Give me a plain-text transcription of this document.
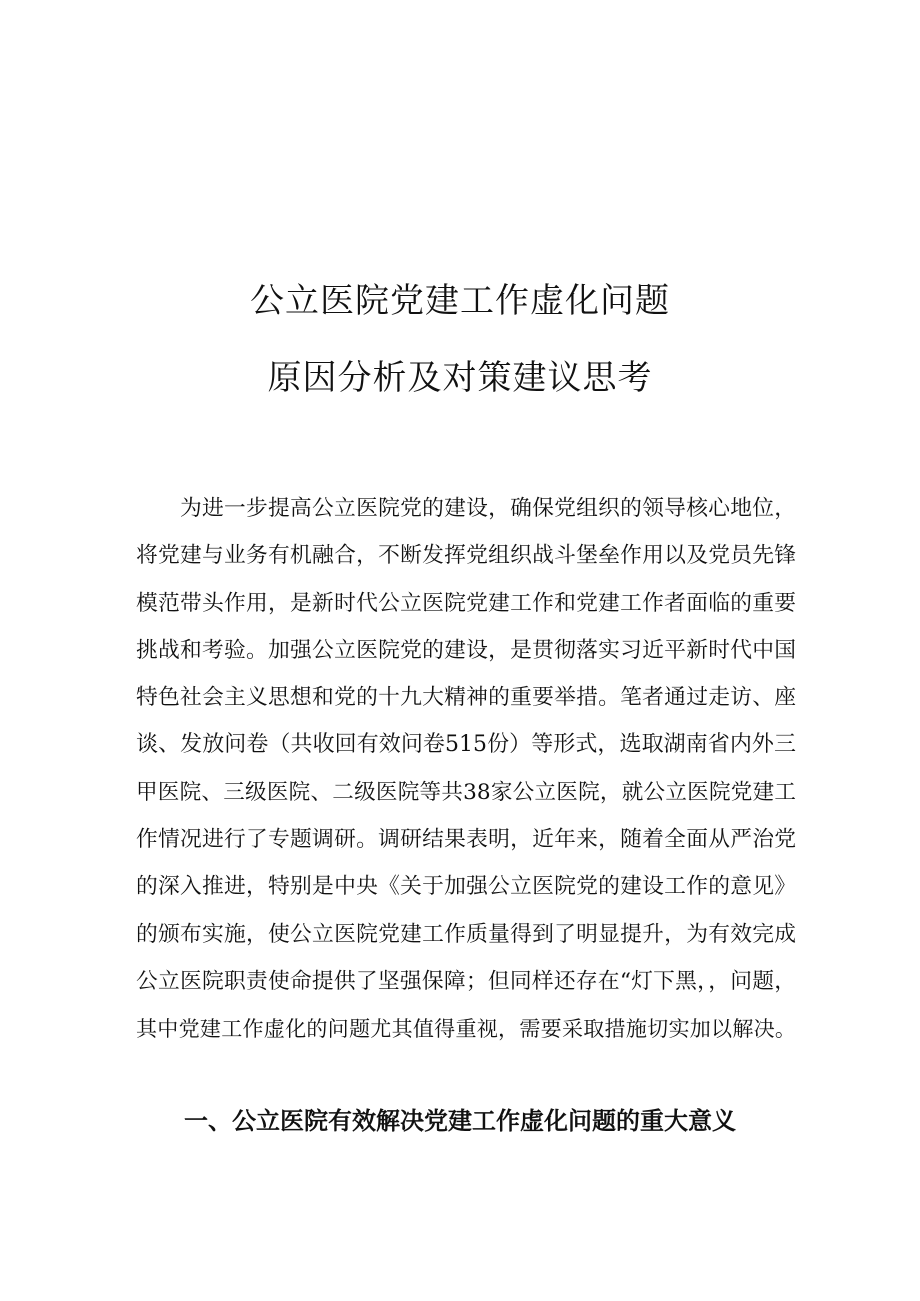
公立医院党建工作虚化问题
原因分析及对策建议思考
为进一步提高公立医院党的建设，确保党组织的领导核心地位，
将党建与业务有机融合，不断发挥党组织战斗堡垒作用以及党员先锋
模范带头作用，是新时代公立医院党建工作和党建工作者面临的重要
挑战和考验。加强公立医院党的建设，是贯彻落实习近平新时代中国
特色社会主义思想和党的十九大精神的重要举措。笔者通过走访、座
谈、发放问卷（共收回有效问卷515份）等形式，选取湖南省内外三
甲医院、三级医院、二级医院等共38家公立医院，就公立医院党建工
作情况进行了专题调研。调研结果表明，近年来，随着全面从严治党
的深入推进，特别是中央《关于加强公立医院党的建设工作的意见》
的颁布实施，使公立医院党建工作质量得到了明显提升，为有效完成
公立医院职责使命提供了坚强保障；但同样还存在“灯下黑，，问题，
其中党建工作虚化的问题尤其值得重视，需要采取措施切实加以解决。
一、公立医院有效解决党建工作虚化问题的重大意义
